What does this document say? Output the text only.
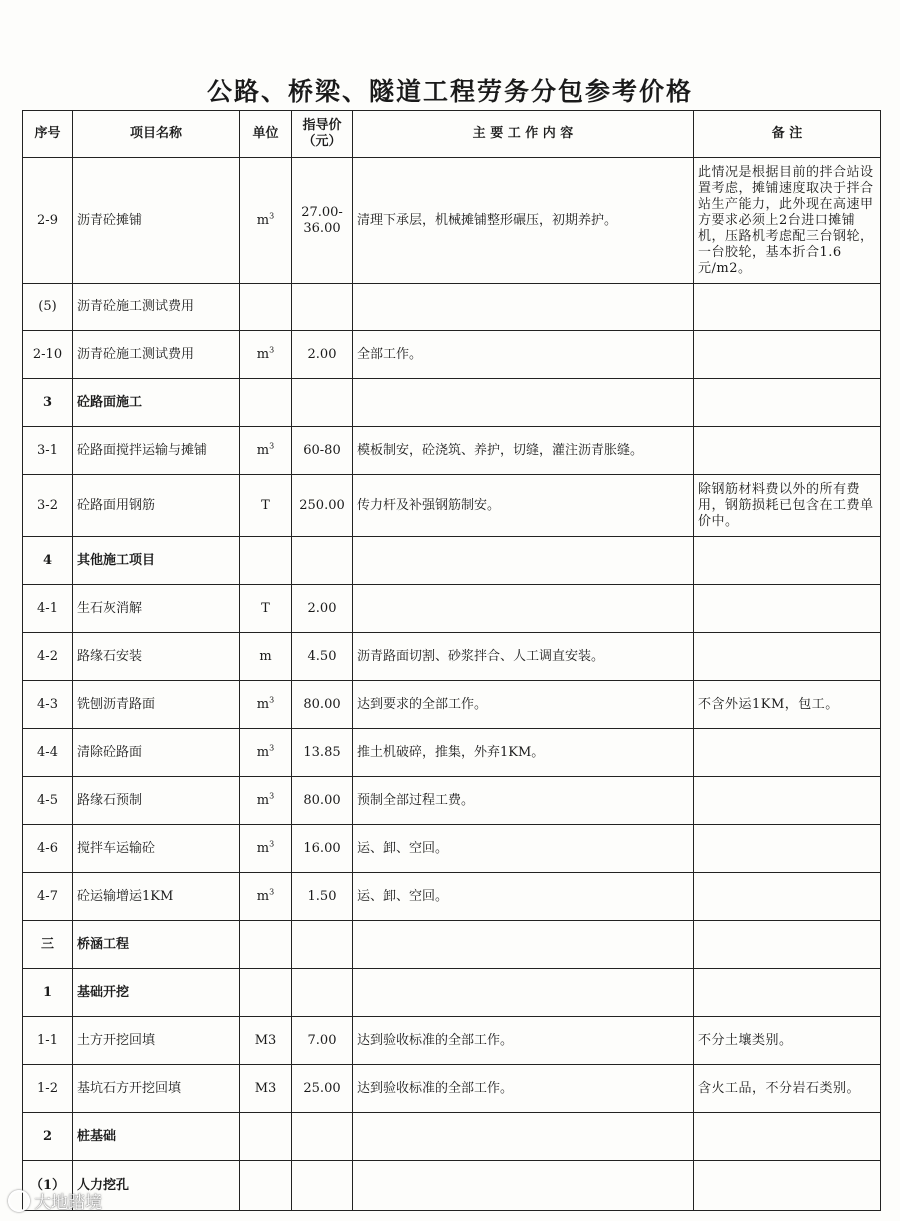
公路、桥梁、隧道工程劳务分包参考价格
序号	项目名称	单位	指导价（元）	主 要 工 作 内 容	备 注
2-9	沥青砼摊铺	$m^3$	27.00-36.00	清理下承层，机械摊铺整形碾压，初期养护。	此情况是根据目前的拌合站设置考虑，摊铺速度取决于拌合站生产能力，此外现在高速甲方要求必须上2台进口摊铺机，压路机考虑配三台钢轮，一台胶轮，基本折合1.6元/m2。
(5)	沥青砼施工测试费用				
2-10	沥青砼施工测试费用	$m^3$	2.00	全部工作。	
3	砼路面施工				
3-1	砼路面搅拌运输与摊铺	$m^3$	60-80	模板制安，砼浇筑、养护，切缝，灌注沥青胀缝。	
3-2	砼路面用钢筋	T	250.00	传力杆及补强钢筋制安。	除钢筋材料费以外的所有费用，钢筋损耗已包含在工费单价中。
4	其他施工项目				
4-1	生石灰消解	T	2.00		
4-2	路缘石安装	m	4.50	沥青路面切割、砂浆拌合、人工调直安装。	
4-3	铣刨沥青路面	$m^3$	80.00	达到要求的全部工作。	不含外运1KM，包工。
4-4	清除砼路面	$m^3$	13.85	推土机破碎，推集，外弃1KM。	
4-5	路缘石预制	$m^3$	80.00	预制全部过程工费。	
4-6	搅拌车运输砼	$m^3$	16.00	运、卸、空回。	
4-7	砼运输增运1KM	$m^3$	1.50	运、卸、空回。	
三	桥涵工程				
1	基础开挖				
1-1	土方开挖回填	M3	7.00	达到验收标准的全部工作。	不分土壤类别。
1-2	基坑石方开挖回填	M3	25.00	达到验收标准的全部工作。	含火工品，不分岩石类别。
2	桩基础				
（1）	人力挖孔				
大地踏境
